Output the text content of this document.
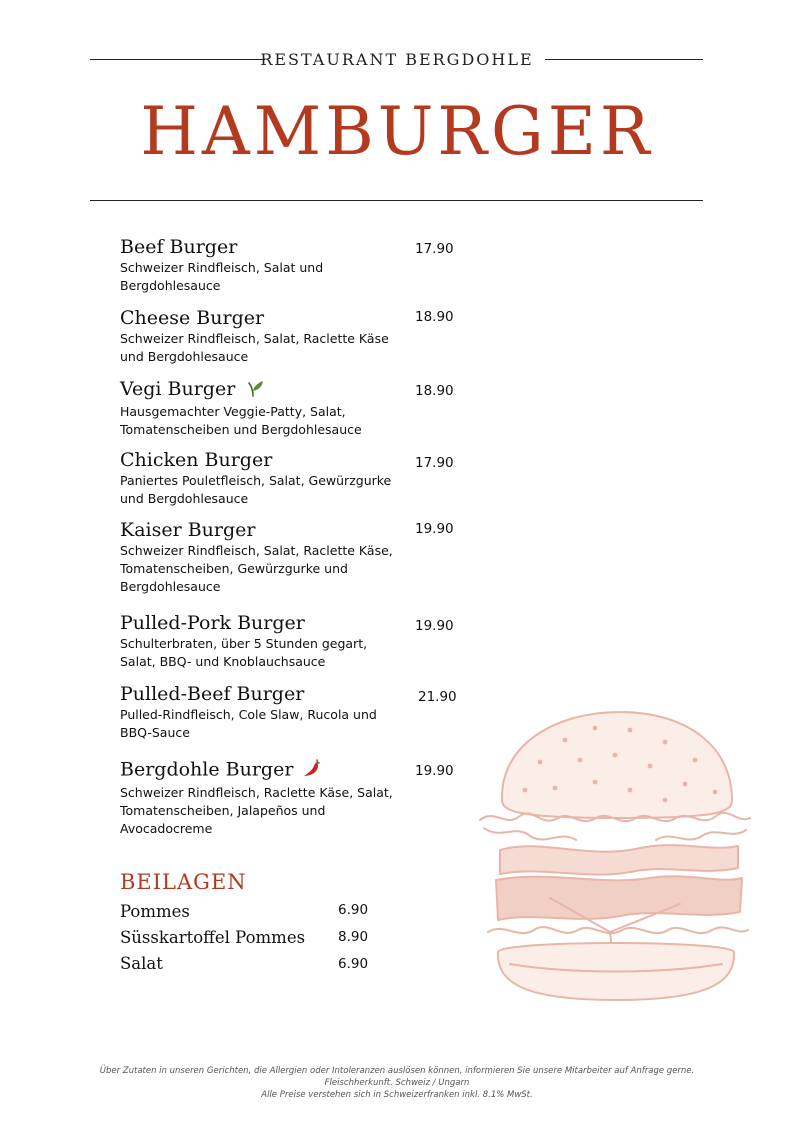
RESTAURANT BERGDOHLE
HAMBURGER
Beef Burger
Schweizer Rindfleisch, Salat und Bergdohlesauce
17.90
Cheese Burger
Schweizer Rindfleisch, Salat, Raclette Käse und Bergdohlesauce
18.90
Vegi Burger
Hausgemachter Veggie-Patty, Salat, Tomatenscheiben und Bergdohlesauce
18.90
Chicken Burger
Paniertes Pouletfleisch, Salat, Gewürzgurke und Bergdohlesauce
17.90
Kaiser Burger
Schweizer Rindfleisch, Salat, Raclette Käse, Tomatenscheiben, Gewürzgurke und Bergdohlesauce
19.90
Pulled-Pork Burger
Schulterbraten, über 5 Stunden gegart, Salat, BBQ- und Knoblauchsauce
19.90
Pulled-Beef Burger
Pulled-Rindfleisch, Cole Slaw, Rucola und BBQ-Sauce
21.90
Bergdohle Burger
Schweizer Rindfleisch, Raclette Käse, Salat, Tomatenscheiben, Jalapeños und Avocadocreme
19.90
BEILAGEN
Pommes	6.90
Süsskartoffel Pommes 8.90
Salat	6.90
Über Zutaten in unseren Gerichten, die Allergien oder Intoleranzen auslösen können, informieren Sie unsere Mitarbeiter auf Anfrage gerne.
Fleischherkunft. Schweiz / Ungarn
Alle Preise verstehen sich in Schweizerfranken inkl. 8.1% MwSt.
